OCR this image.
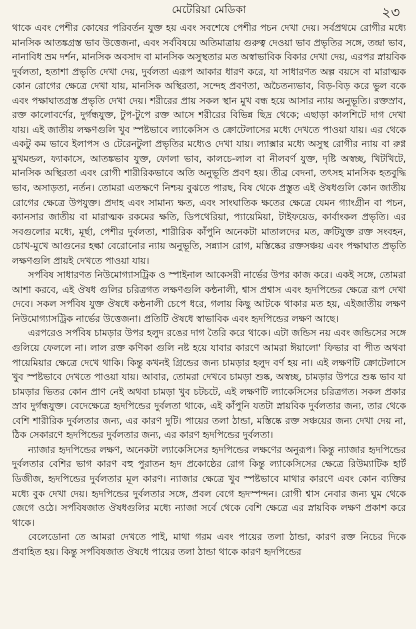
মেটেরিয়া মেডিকা	২৩

থাকে এবং পেশীর কোষের পরিবর্তন যুক্ত হয় এবং সবশেষে পেশীর পচন দেখা দেয়। সর্বপ্রথমে রোগীর মধ্যে মানসিক আতঙ্কগ্রস্ত ভাব উত্তেজনা, এবং সর্ববিষয়ে অতিমাত্রায় গুরুত্ব দেওয়া ভাব প্রভৃতির সঙ্গে, তন্দ্রা ভাব, নানাবিধ ভ্রম দর্শন, মানসিক অবসাদ বা মানসিক অসুস্থতার মত অস্বাভাবিক বিকার দেখা দেয়, এরপর স্নায়বিক দুর্বলতা, হতাশা প্রভৃতি দেখা দেয়, দুর্বলতা এরূপ আকার ধারণ করে, যা সাধারণত অল্প বয়সে বা মারাত্মক কোন রোগের ক্ষেত্রে দেখা যায়, মানসিক অস্থিরতা, সন্দেহ প্রবণতা, অচৈতন্যভাব, বিড়-বিড় করে ভুল বকে এবং পক্ষাঘাতগ্রস্ত প্রভৃতি দেখা দেয়। শরীরের প্রায় সকল স্থান মুখ বন্ধ হয়ে আসার ন্যায় অনুভূতি। রক্তস্রাব, রক্ত কালোবর্ণের, দুর্গন্ধযুক্ত, টুপ-টুপে রক্ত আসে শরীরের বিভিন্ন ছিদ্র থেকে; এছাড়া কালশিটে দাগ দেখা যায়। এই জাতীয় লক্ষণগুলি খুব স্পষ্টভাবে ল্যাকেসিস ও ক্রোটেলাসের মধ্যে দেখতে পাওয়া যায়। এর থেকে একটু কম ভাবে ইলাপস ও টেরেনটুলা প্রভৃতির মধ্যেও দেখা যায়। ল্যাক্সার মধ্যে অসুস্থ রোগীর ন্যায় বা রুগ্ন মুখমন্ডল, ফ্যাকাসে, আতঙ্কভাব যুক্ত, ফোলা ভাব, কালচে-লাল বা নীলবর্ণ যুক্ত, দৃষ্টি অস্বচ্ছ, খিটখিটে, মানসিক অস্থিরতা এবং রোগী শারীরিকভাবে অতি অনুভূতি প্রবণ হয়। তীব্র বেদনা, তৎসহ মানসিক হতবুদ্ধি ভাব, অসাড়তা, নর্তন। তোমরা এতক্ষণে নিশ্চয় বুঝতে পারছ, বিষ থেকে প্রস্তুত এই ঔষধগুলি কোন জাতীয় রোগের ক্ষেত্রে উপযুক্ত। প্রদাহ এবং সামান্য ক্ষত, এবং সাংঘাতিক ক্ষতের ক্ষেত্রে যেমন গ্যাংগ্রীন বা পচন, ক্যানসার জাতীয় বা মারাত্মক রকমের ক্ষতি, ডিপথেরিয়া, প্যায়েমিয়া, টাইফয়েড, কার্বাংকল প্রভৃতি। এর সবগুলোর মধ্যে, মূর্ছা, পেশীর দুর্বলতা, শারীরিক কাঁপুনি অনেকটা মাতালদের মত, ক্রটিযুক্ত রক্ত সংবহন, চোখ-মুখে আগুনের হল্কা বেরোনোর ন্যায় অনুভূতি, সন্ন্যাস রোগ, মস্তিষ্কের রক্তসঞ্চয় এবং পক্ষাঘাত প্রভৃতি লক্ষণগুলি প্রায়ই দেখতে পাওয়া যায়।

সর্পবিষ সাধারণত নিউমোগ্যাসট্রিক ও স্পাইনাল আকেসরী নার্ভের উপর কাজ করে। একই সঙ্গে, তোমরা আশা করবে, এই ঔষধ গুলির চরিত্রগত লক্ষণগুলি কন্ঠনালী, শ্বাস প্রশ্বাস এবং হৃদপিন্ডের ক্ষেত্রে রূপ দেখা দেবে। সকল সর্পবিষ যুক্ত ঔষধে কন্ঠনালী চেপে ধরে, গলায় কিছু আটকে থাকার মত হয়, এইজাতীয় লক্ষণ নিউমোগ্যাসট্রিক নার্ভের উত্তেজনা। প্রতিটি ঔষধে স্বাভাবিক এবং হৃদপিন্ডের লক্ষণ আছে।

এরপরেও সর্পবিষ চামড়ার উপর হলুদ রঙের দাগ তৈরি করে থাকে। এটা জন্ডিস নয় এবং জন্ডিসের সঙ্গে গুলিয়ে ফেললে না। লাল রক্ত কণিকা গুলি নষ্ট হয়ে যাবার কারণে আমরা ঈয়ালো' ফিভার বা পীত অথবা পায়েমিয়ার ক্ষেত্রে দেখে থাকি। কিন্তু কখনই গ্রিন্ডের জন্য চামড়ার হলুদ বর্ণ হয় না। এই লক্ষণটি ক্রোটেলাসে খুব স্পষ্টভাবে দেখতে পাওয়া যায়। আবার, তোমরা দেখবে চামড়া শুষ্ক, অস্বচ্ছ, চামড়ার উপরে শুষ্ক ভাব যা চামড়ার ভিতর কোন প্রাণ নেই অথবা চামড়া খুব চটচটে, এই লক্ষণটি ল্যাকেসিসের চরিত্রগত। সকল প্রকার স্রাব দুর্গন্ধযুক্ত। বেদেক্ষেত্রে হৃদপিন্ডের দুর্বলতা থাকে, এই কাঁপুনি যতটা স্নায়বিক দুর্বলতার জন্য, তার থেকে বেশি শারীরিক দুর্বলতার জন্য, এর কারণ দুটি। পায়ের তলা ঠান্ডা, মস্তিষ্কে রক্ত সঞ্চয়ের জন্য দেখা দেয় না, ঠিক সেকারণে হৃদপিন্ডের দুর্বলতার জন্য, এর কারণ হৃদপিন্ডের দুর্বলতা।

ন্যাজার হৃদপিন্ডের লক্ষণ, অনেকটা ল্যাকেসিসের হৃদপিন্ডের লক্ষণের অনুরূপ। কিন্তু ন্যাজার হৃদপিন্ডের দুর্বলতার বেশির ভাগ কারণ বহু পুরাতন হৃদ প্রকোষ্ঠের রোগ কিন্তু ল্যাকেসিসের ক্ষেত্রে রিউম্যাটিক হার্ট ডিজীজ, হৃদপিন্ডের দুর্বলতার মূল কারণ। ন্যাজার ক্ষেত্রে খুব স্পষ্টভাবে মাথার কারণে এবং কোন ব্যক্তির মধ্যে বুক দেখা দেয়। হৃদপিন্ডের দুর্বলতার সঙ্গে, প্রবল বেগে হৃদস্পন্দন। রোগী শ্বাস নেবার জন্য ঘুম থেকে জেগে ওঠে। সর্পবিষজাত ঔষধগুলির মধ্যে ন্যাজা সর্বে থেকে বেশি ক্ষেত্রে এর স্নায়বিক লক্ষণ প্রকাশ করে থাকে।

বেলেডোনা তে আমরা দেখতে পাই, মাথা গরম এবং পায়ের তলা ঠান্ডা, কারণ রক্ত নিচের দিকে প্রবাহিত হয়। কিন্তু সর্পবিষজাত ঔষধে পায়ের তলা ঠান্ডা থাকে কারণ হৃদপিন্ডের
